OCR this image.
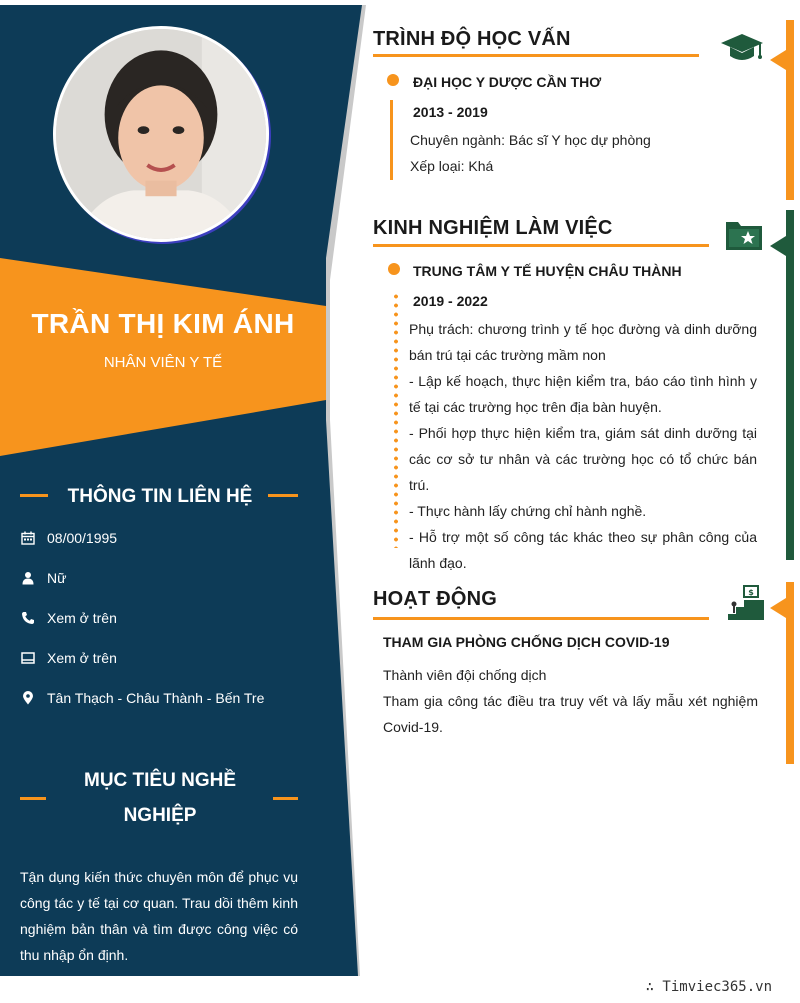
TRẦN THỊ KIM ÁNH
NHÂN VIÊN Y TẾ
THÔNG TIN LIÊN HỆ
08/00/1995
Nữ
Xem ở trên
Xem ở trên
Tân Thạch - Châu Thành - Bến Tre
MỤC TIÊU NGHỀ
NGHIỆP
Tận dụng kiến thức chuyên môn để phục vụ công tác y tế tại cơ quan. Trau dồi thêm kinh nghiệm bản thân và tìm được công việc có thu nhập ổn định.
TRÌNH ĐỘ HỌC VẤN
ĐẠI HỌC Y DƯỢC CẦN THƠ
2013 - 2019
Chuyên ngành: Bác sĩ Y học dự phòng
Xếp loại: Khá
KINH NGHIỆM LÀM VIỆC
TRUNG TÂM Y TẾ HUYỆN CHÂU THÀNH
2019 - 2022
Phụ trách: chương trình y tế học đường và dinh dưỡng bán trú tại các trường mầm non
- Lập kế hoạch, thực hiện kiểm tra, báo cáo tình hình y tế tại các trường học trên địa bàn huyện.
- Phối hợp thực hiện kiểm tra, giám sát dinh dưỡng tại các cơ sở tư nhân và các trường học có tổ chức bán trú.
- Thực hành lấy chứng chỉ hành nghề.
- Hỗ trợ một số công tác khác theo sự phân công của lãnh đạo.
HOẠT ĐỘNG	$
THAM GIA PHÒNG CHỐNG DỊCH COVID-19
Thành viên đội chống dịch
Tham gia công tác điều tra truy vết và lấy mẫu xét nghiệm Covid-19.
∴ Timviec365.vn
